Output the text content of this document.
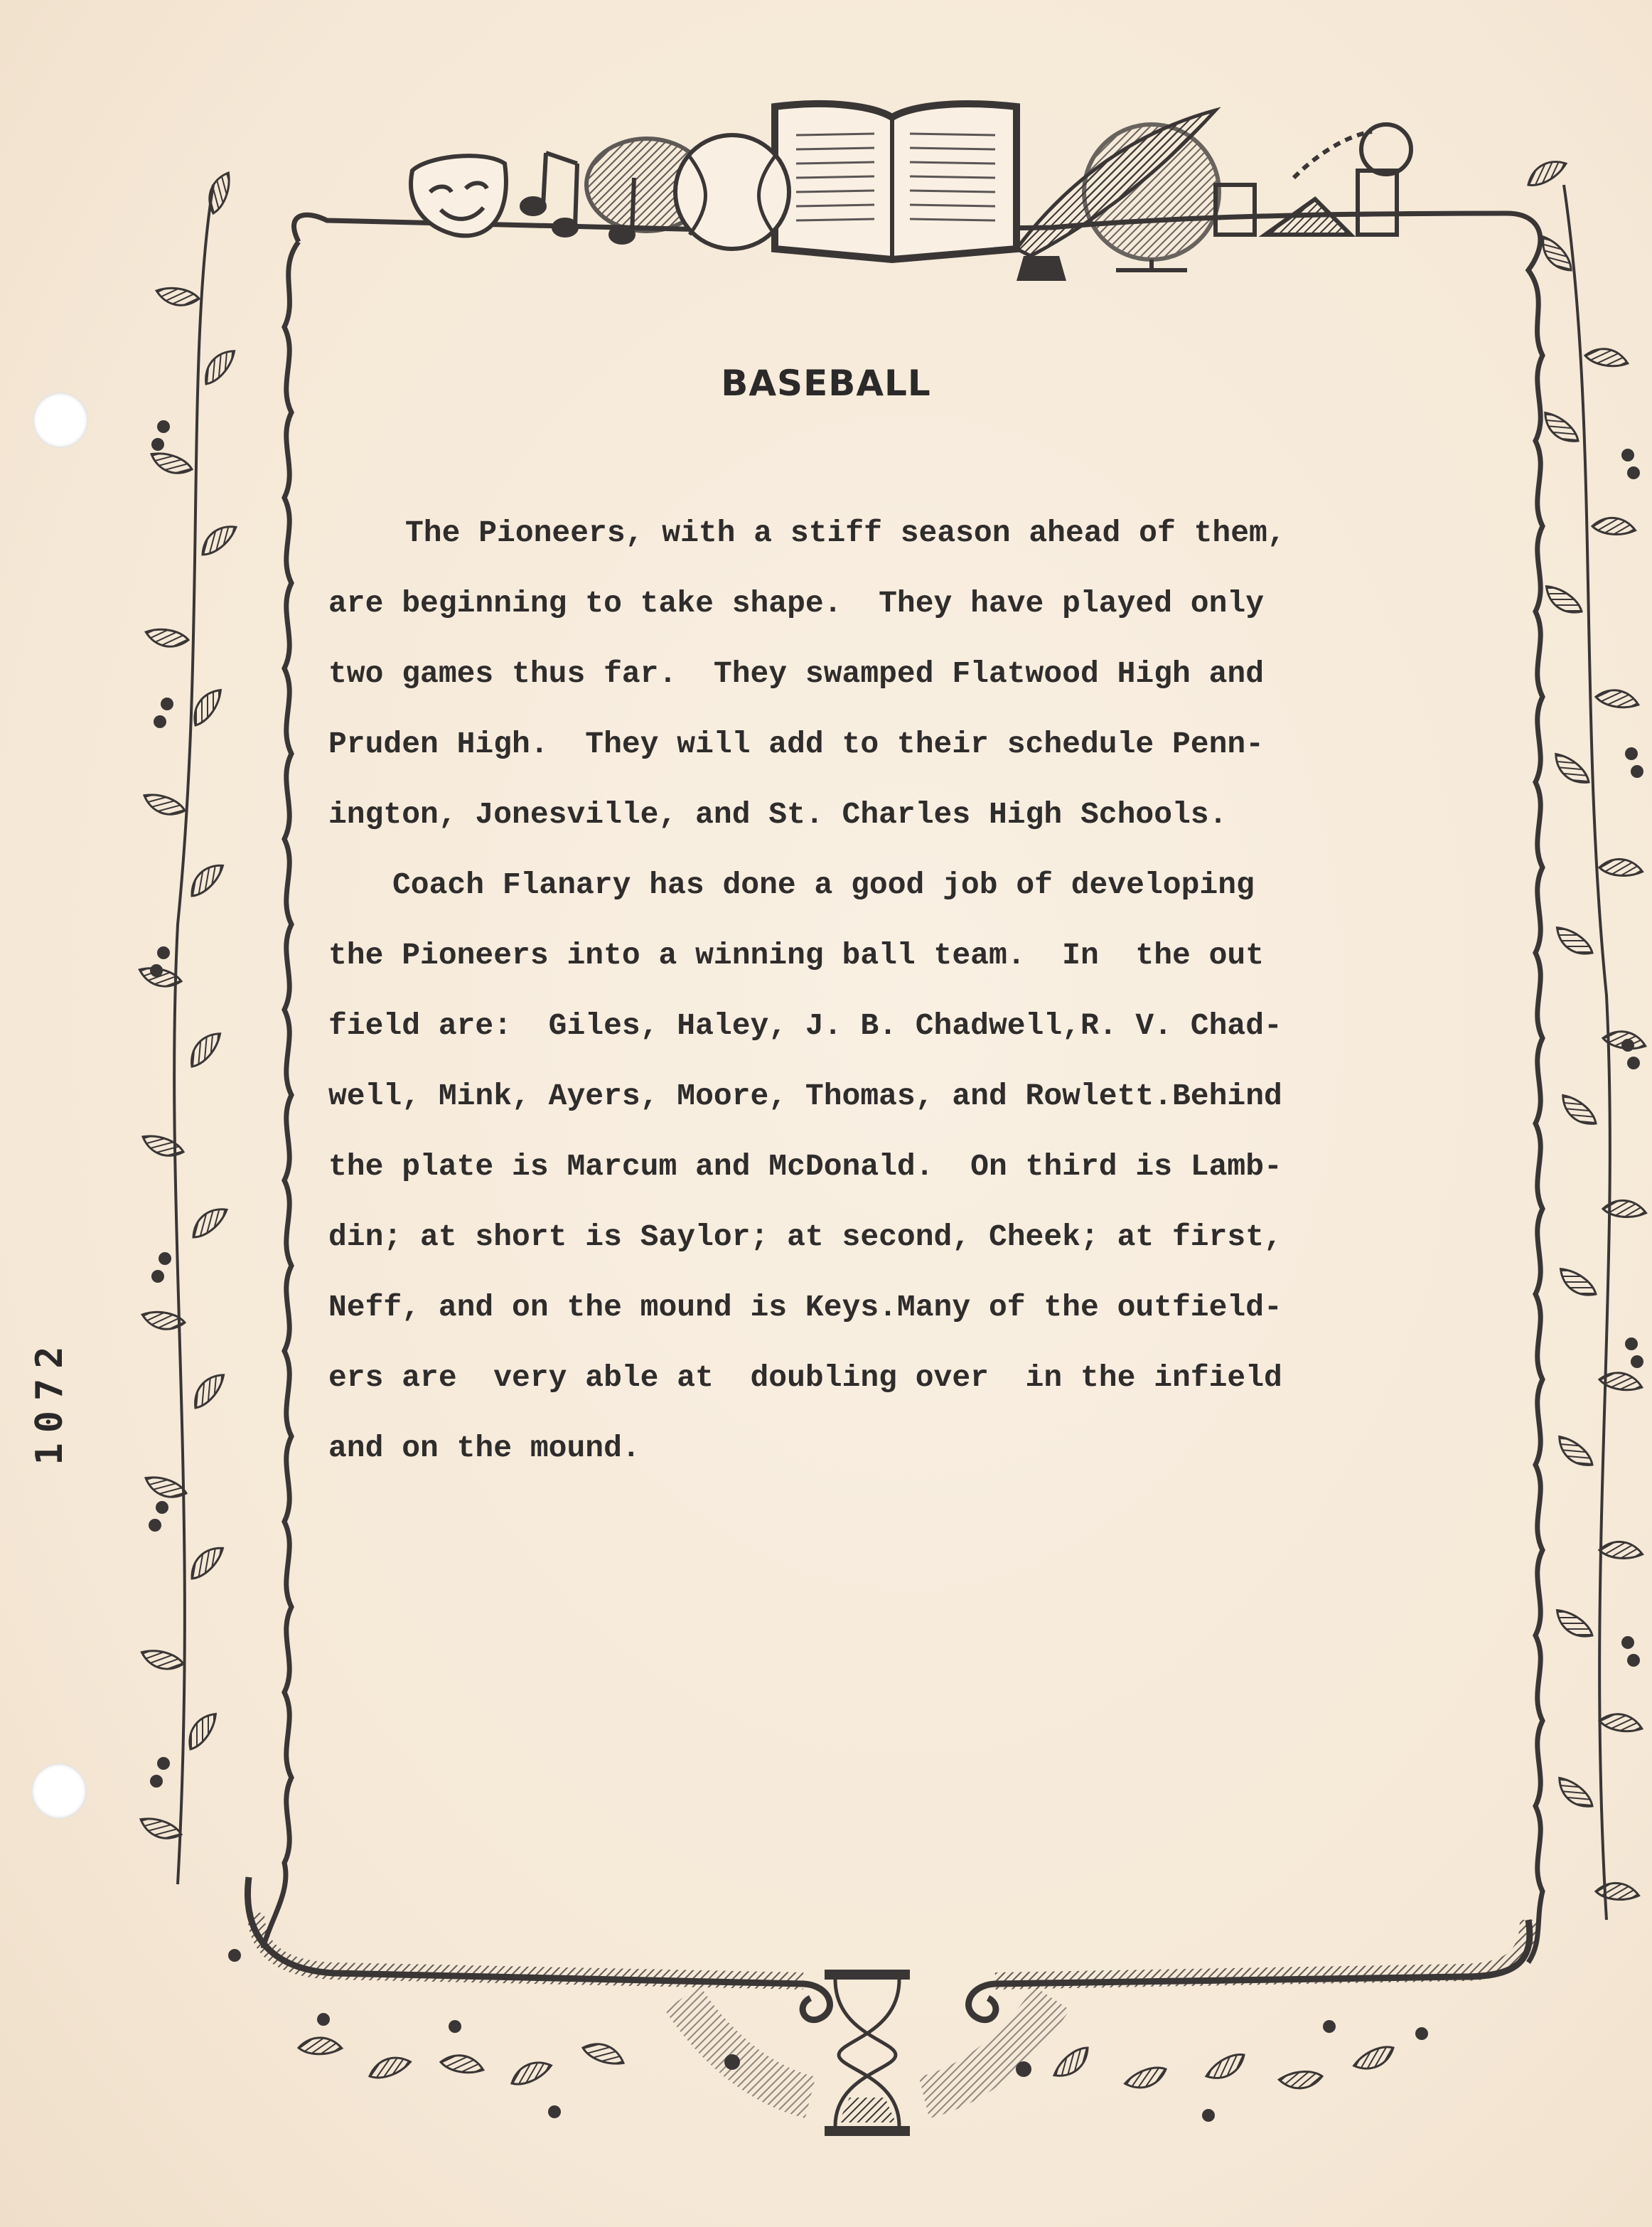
1072
BASEBALL
The Pioneers, with a stiff season ahead of them,
are beginning to take shape.  They have played only
two games thus far.  They swamped Flatwood High and
Pruden High.  They will add to their schedule Penn-
ington, Jonesville, and St. Charles High Schools.
Coach Flanary has done a good job of developing
the Pioneers into a winning ball team.  In  the out
field are:  Giles, Haley, J. B. Chadwell,R. V. Chad-
well, Mink, Ayers, Moore, Thomas, and Rowlett.Behind
the plate is Marcum and McDonald.  On third is Lamb-
din; at short is Saylor; at second, Cheek; at first,
Neff, and on the mound is Keys.Many of the outfield-
ers are  very able at  doubling over  in the infield
and on the mound.
